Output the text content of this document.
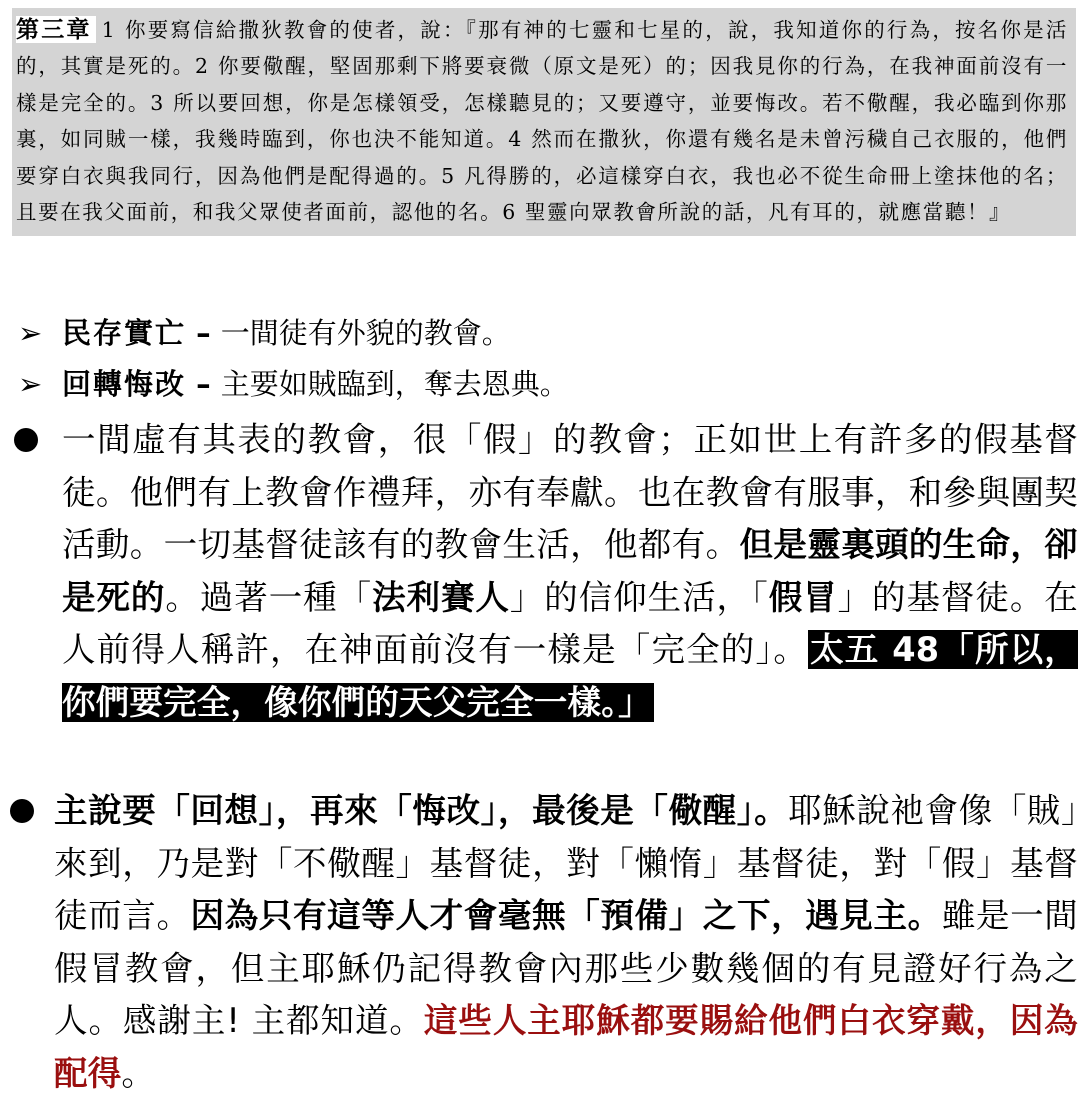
第三章 1 你要寫信給撒狄教會的使者，說：『那有神的七靈和七星的，說，我知道你的行為，按名你是活的，其實是死的。2 你要儆醒，堅固那剩下將要衰微（原文是死）的；因我見你的行為，在我神面前沒有一樣是完全的。3 所以要回想，你是怎樣領受，怎樣聽見的；又要遵守，並要悔改。若不儆醒，我必臨到你那裏，如同賊一樣，我幾時臨到，你也決不能知道。4 然而在撒狄，你還有幾名是未曾污穢自己衣服的，他們要穿白衣與我同行，因為他們是配得過的。5 凡得勝的，必這樣穿白衣，我也必不從生命冊上塗抹他的名；且要在我父面前，和我父眾使者面前，認他的名。6 聖靈向眾教會所說的話，凡有耳的，就應當聽！』
➢ 民存實亡 – 一間徒有外貌的教會。
➢ 回轉悔改 – 主要如賊臨到，奪去恩典。
一間虛有其表的教會，很「假」的教會；正如世上有許多的假基督徒。他們有上教會作禮拜，亦有奉獻。也在教會有服事，和參與團契活動。一切基督徒該有的教會生活，他都有。但是靈裏頭的生命，卻是死的。過著一種「法利賽人」的信仰生活，「假冒」的基督徒。在人前得人稱許，在神面前沒有一樣是「完全的」。太五 48「所以，你們要完全，像你們的天父完全一樣。」
主說要「回想」，再來「悔改」，最後是「儆醒」。耶穌說祂會像「賊」來到，乃是對「不儆醒」基督徒，對「懶惰」基督徒，對「假」基督徒而言。因為只有這等人才會毫無「預備」之下，遇見主。雖是一間假冒教會，但主耶穌仍記得教會內那些少數幾個的有見證好行為之人。感謝主! 主都知道。這些人主耶穌都要賜給他們白衣穿戴，因為配得。
